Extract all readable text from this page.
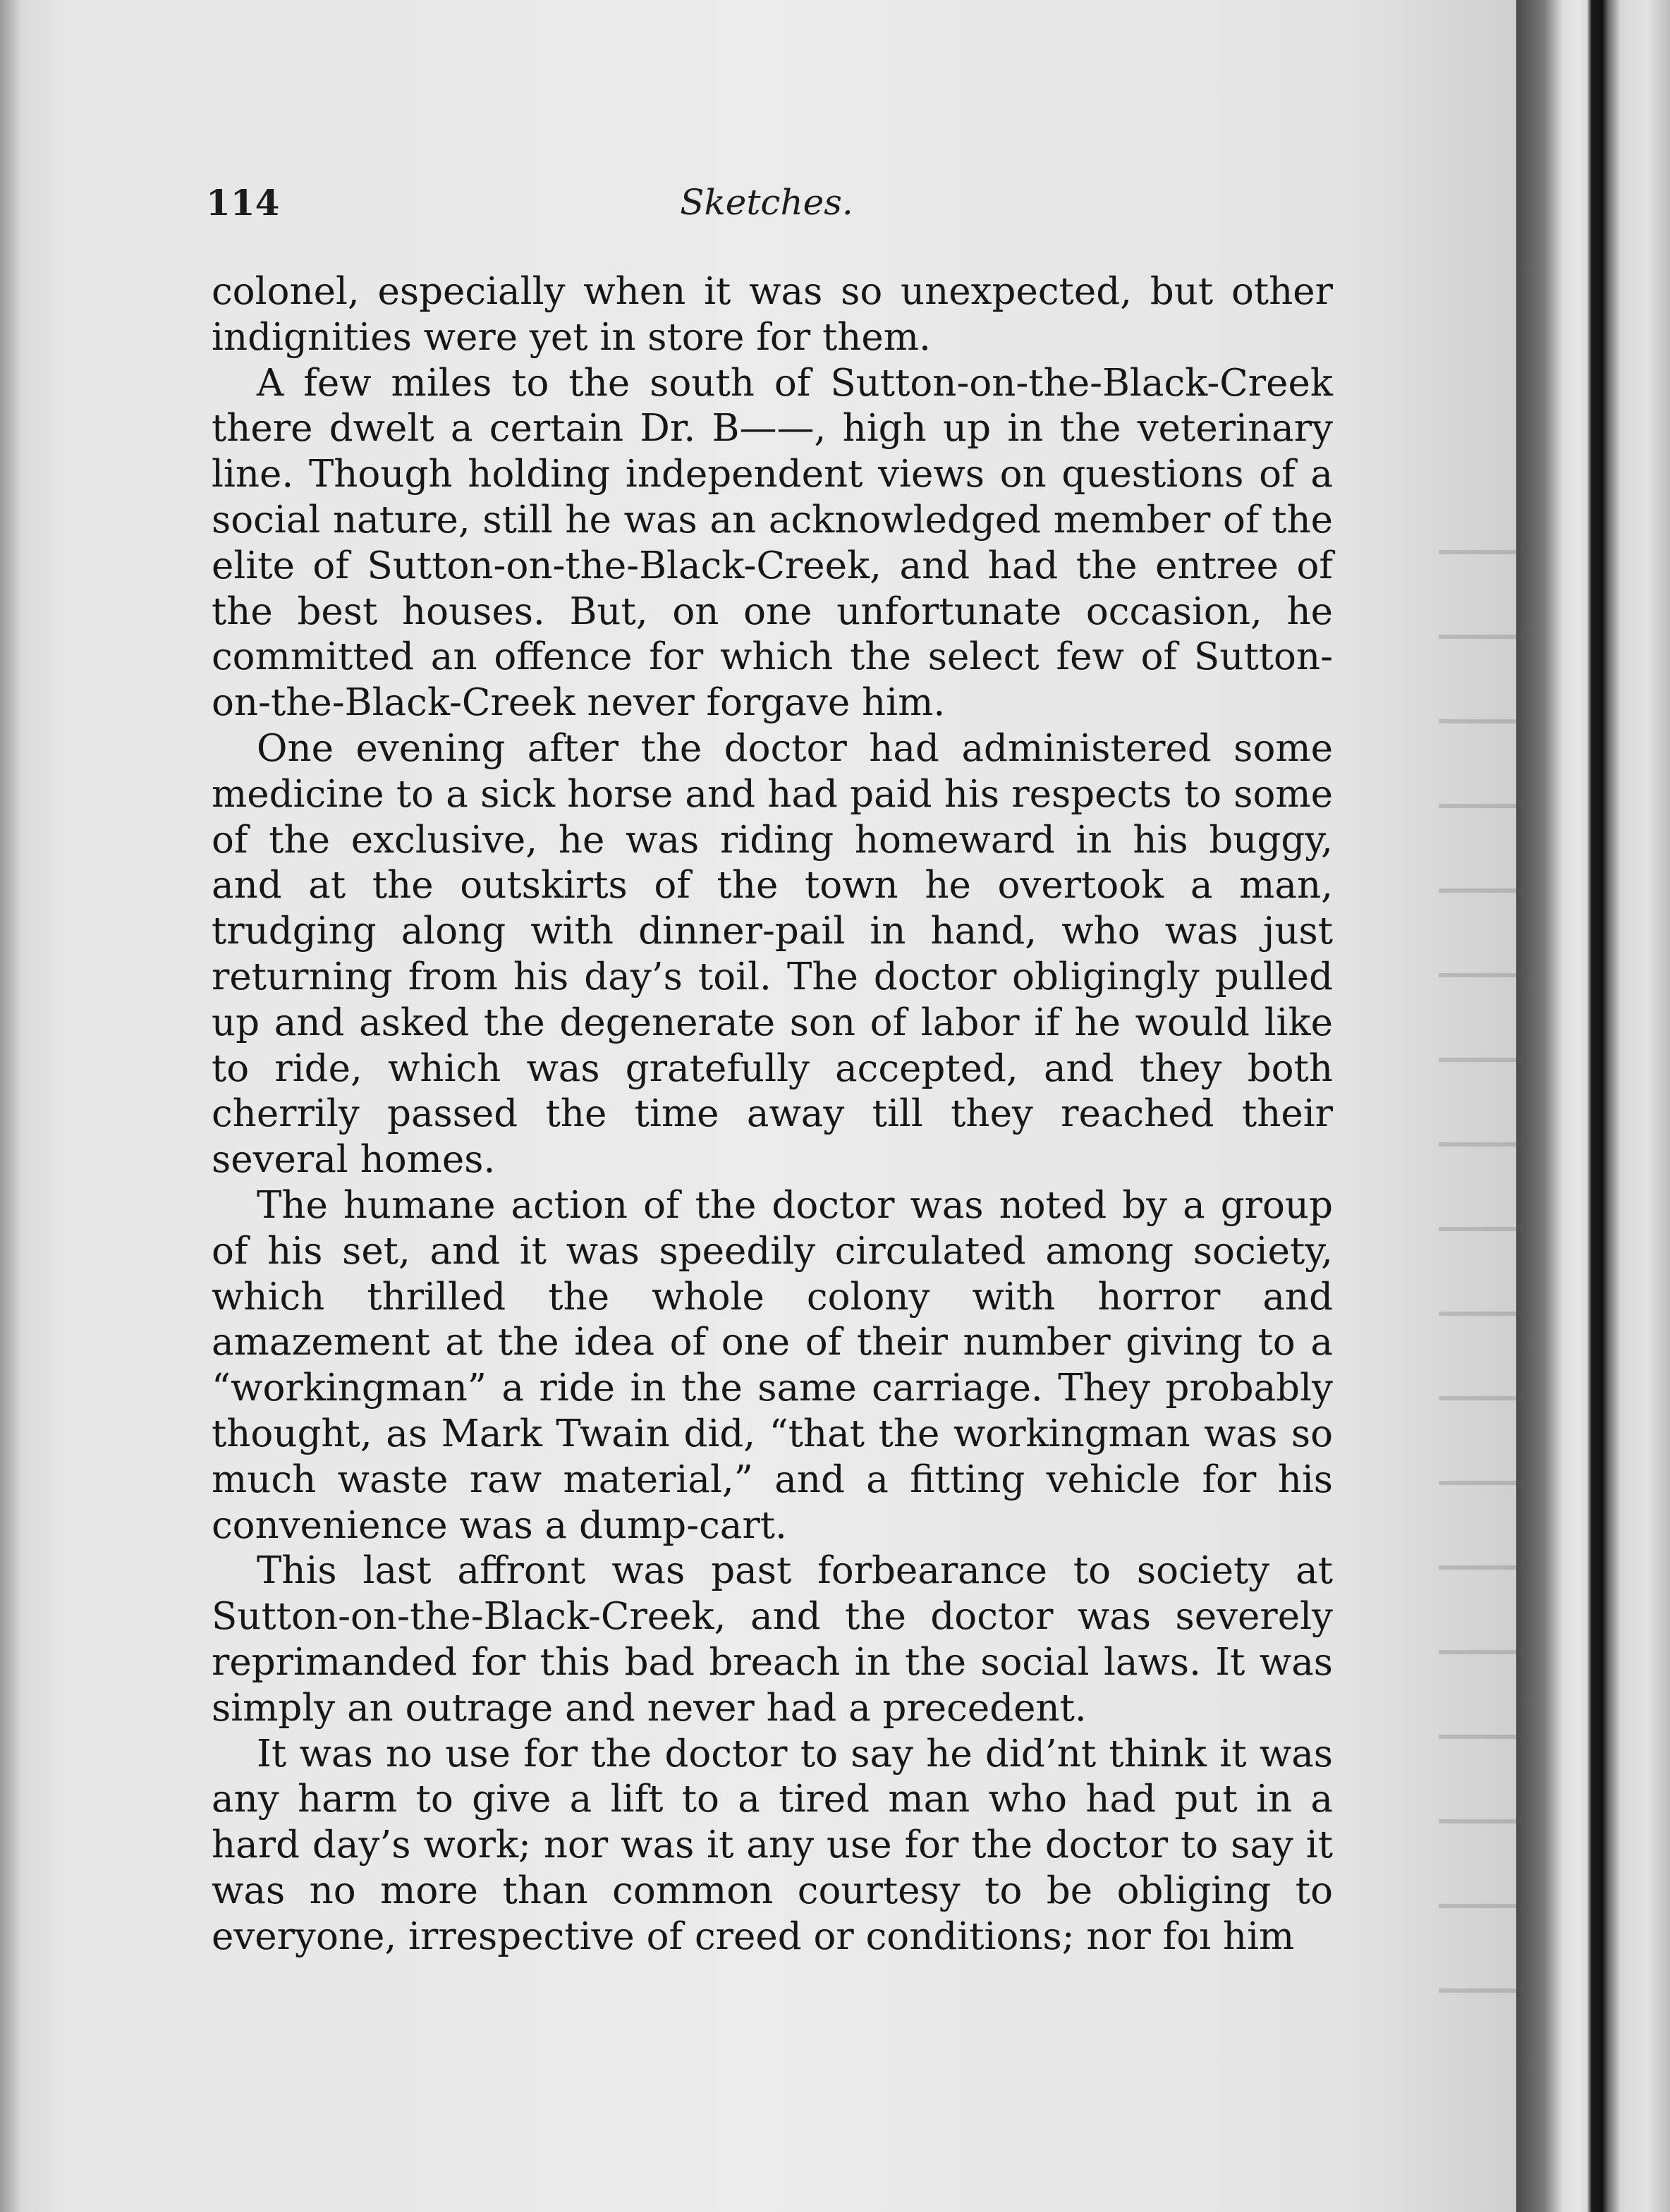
114	Sketches.

colonel, especially when it was so unexpected, but other indignities were yet in store for them.

A few miles to the south of Sutton-on-the-Black-Creek there dwelt a certain Dr. B——, high up in the veterinary line. Though holding independent views on questions of a social nature, still he was an acknowledged member of the elite of Sutton-on-the-Black-Creek, and had the entree of the best houses. But, on one unfortunate occasion, he committed an offence for which the select few of Sutton-on-the-Black-Creek never forgave him.

One evening after the doctor had administered some medicine to a sick horse and had paid his respects to some of the exclusive, he was riding homeward in his buggy, and at the outskirts of the town he overtook a man, trudging along with dinner-pail in hand, who was just returning from his day’s toil. The doctor obligingly pulled up and asked the degenerate son of labor if he would like to ride, which was gratefully accepted, and they both cherrily passed the time away till they reached their several homes.

The humane action of the doctor was noted by a group of his set, and it was speedily circulated among society, which thrilled the whole colony with horror and amazement at the idea of one of their number giving to a “workingman” a ride in the same carriage. They probably thought, as Mark Twain did, “that the workingman was so much waste raw material,” and a fitting vehicle for his convenience was a dump-cart.

This last affront was past forbearance to society at Sutton-on-the-Black-Creek, and the doctor was severely reprimanded for this bad breach in the social laws. It was simply an outrage and never had a precedent.

It was no use for the doctor to say he did’nt think it was any harm to give a lift to a tired man who had put in a hard day’s work; nor was it any use for the doctor to say it was no more than common courtesy to be obliging to everyone, irrespective of creed or conditions; nor foı him
